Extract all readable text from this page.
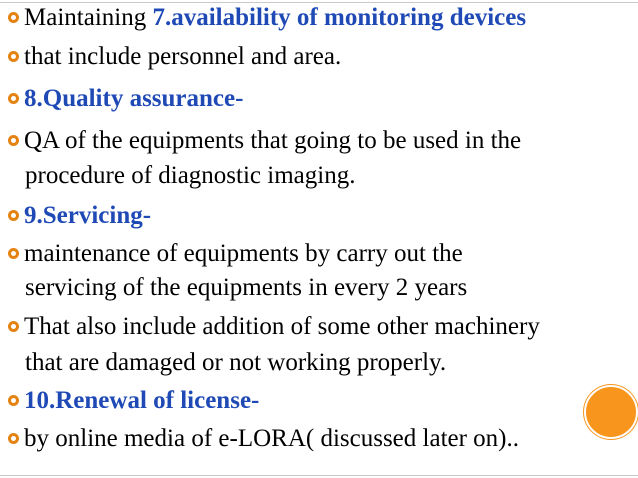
Maintaining 7.availability of monitoring devices
that include personnel and area.
8.Quality assurance-
QA of the equipments that going to be used in the
procedure of diagnostic imaging.
9.Servicing-
maintenance of equipments by carry out the
servicing of the equipments in every 2 years
That also include addition of some other machinery
that are damaged or not working properly.
10.Renewal of license-
by online media of e-LORA( discussed later on)..
